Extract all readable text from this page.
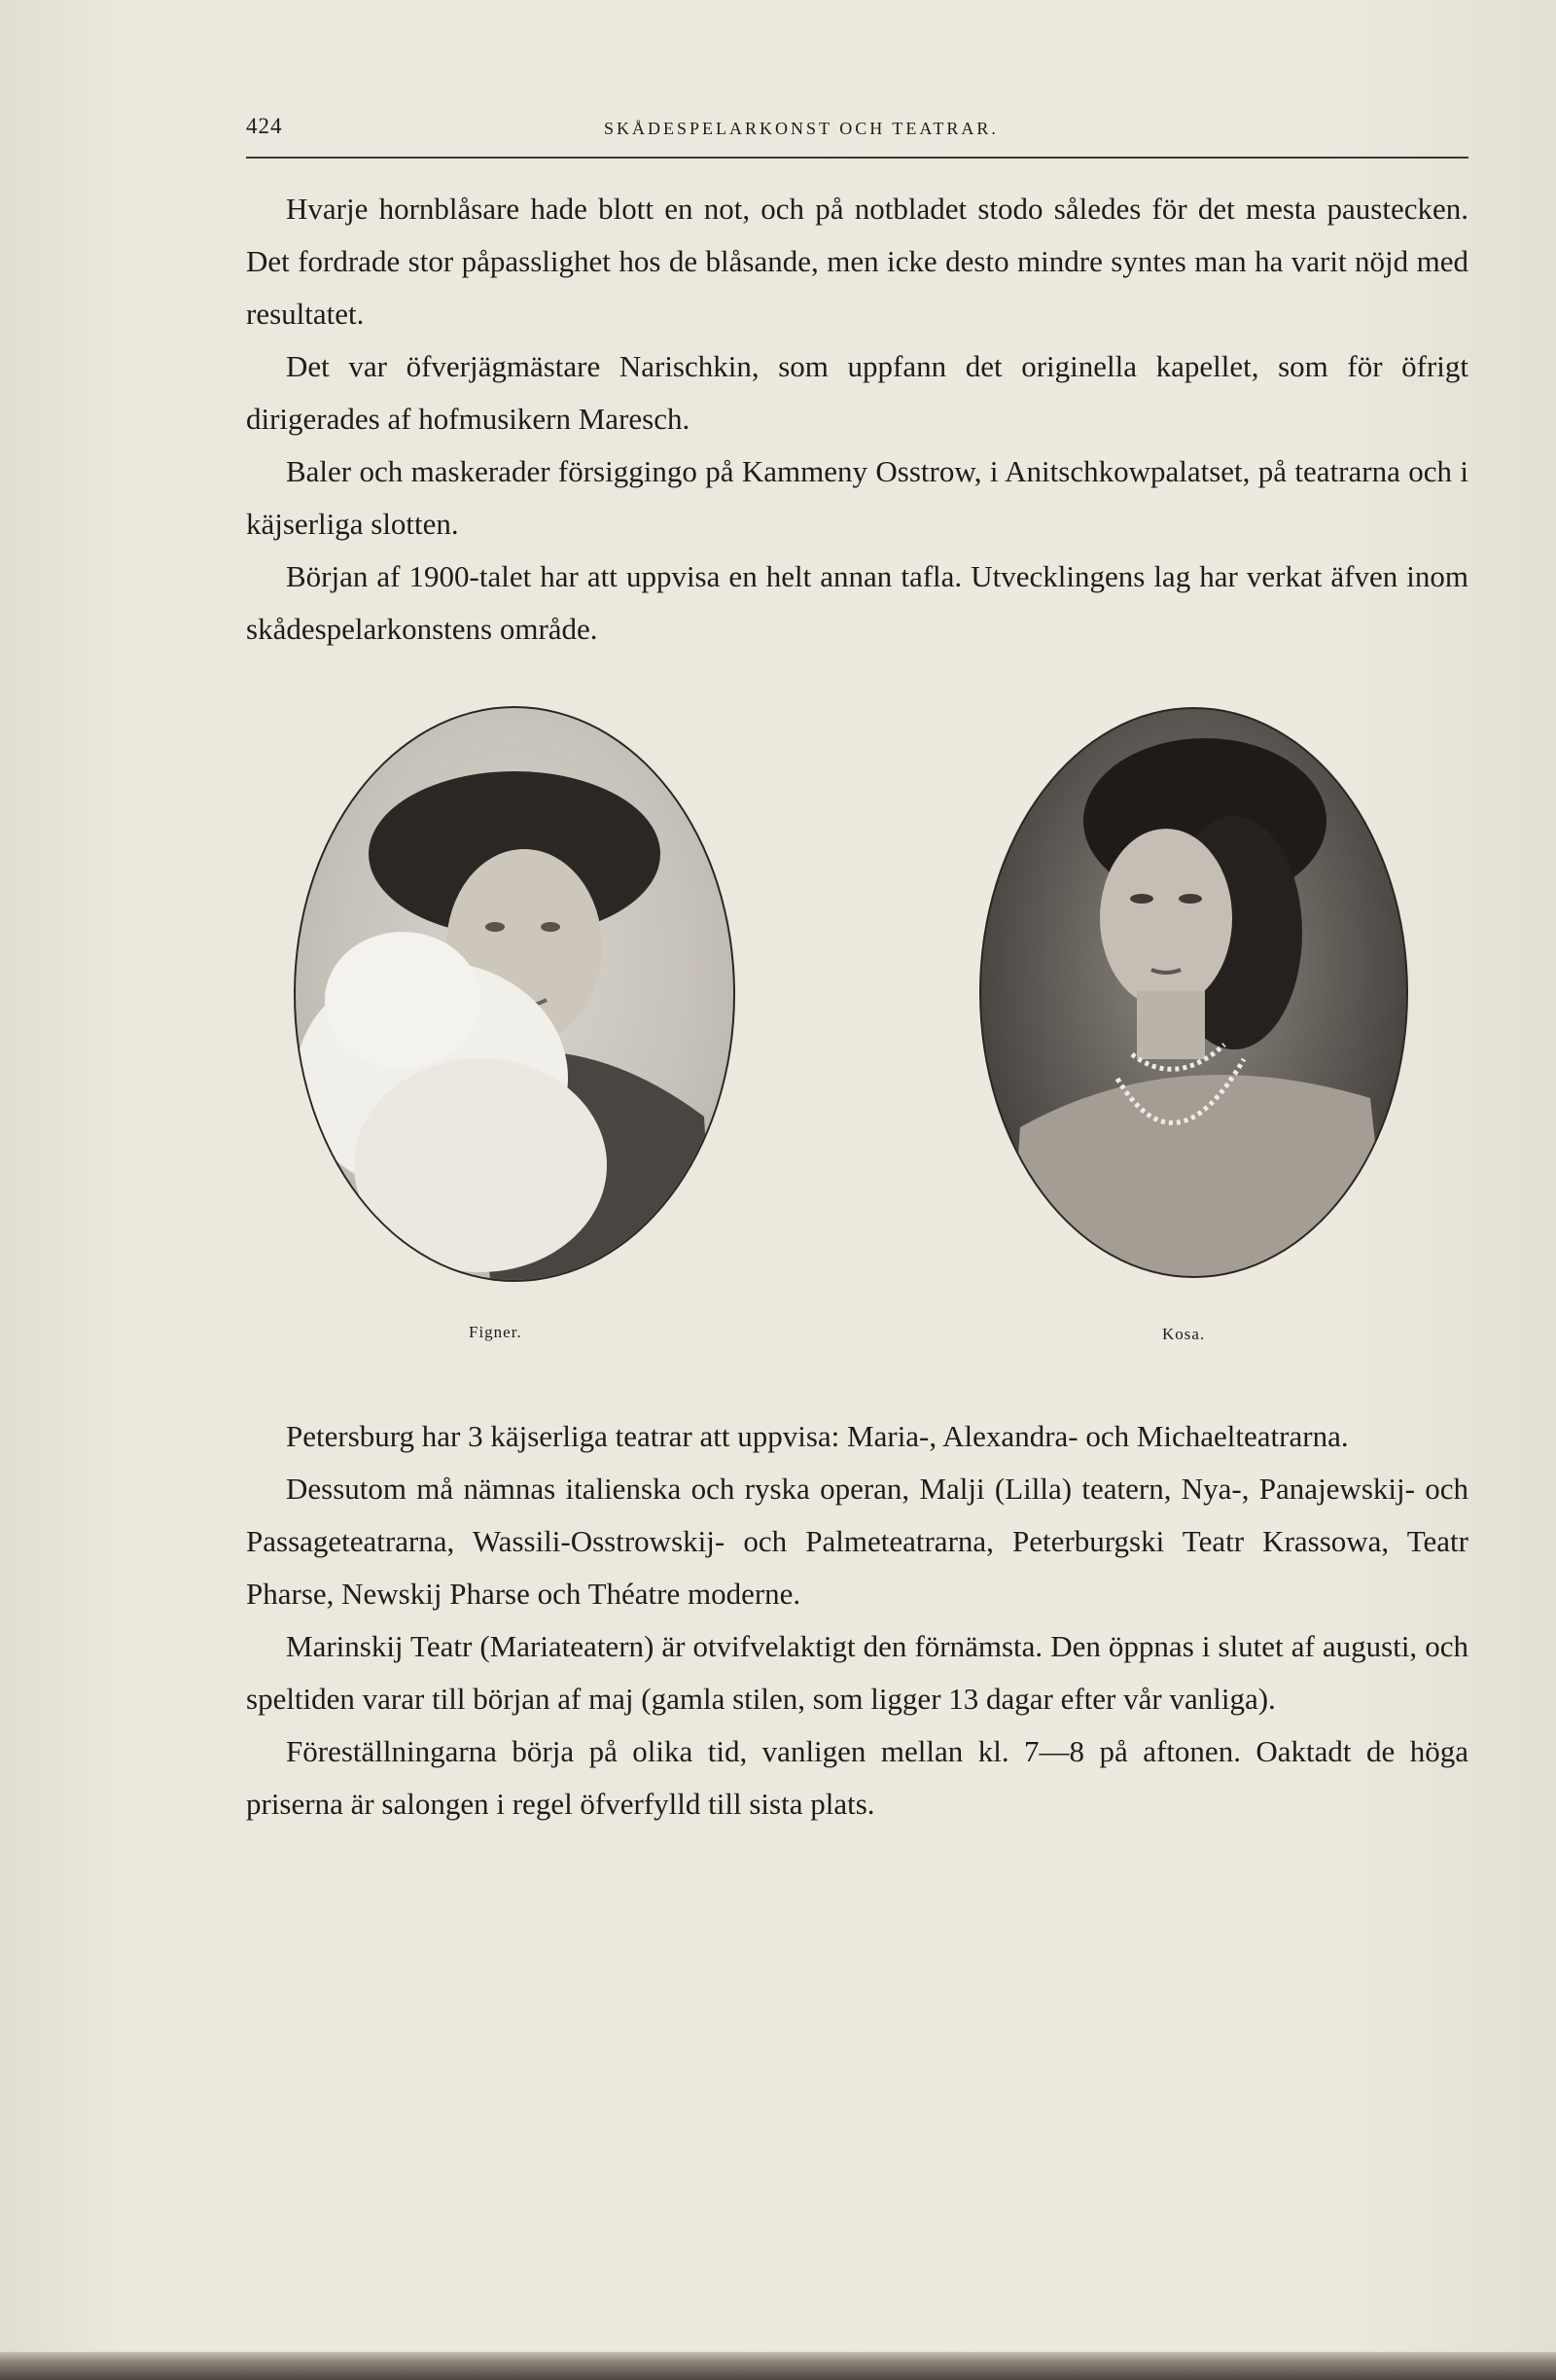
424	SKÅDESPELARKONST OCH TEATRAR.

Hvarje hornblåsare hade blott en not, och på notbladet stodo således för det mesta paustecken. Det fordrade stor påpasslighet hos de blåsande, men icke desto mindre syntes man ha varit nöjd med resultatet.

Det var öfverjägmästare Narischkin, som uppfann det originella kapellet, som för öfrigt dirigerades af hofmusikern Maresch.

Baler och maskerader försiggingo på Kammeny Osstrow, i Anitschkowpalatset, på teatrarna och i käjserliga slotten.

Början af 1900-talet har att uppvisa en helt annan tafla. Utvecklingens lag har verkat äfven inom skådespelarkonstens område.

Figner.	Kosa.

Petersburg har 3 käjserliga teatrar att uppvisa: Maria-, Alexandra- och Michaelteatrarna.

Dessutom må nämnas italienska och ryska operan, Malji (Lilla) teatern, Nya-, Panajewskij- och Passageteatrarna, Wassili-Osstrowskij- och Palmeteatrarna, Peterburgski Teatr Krassowa, Teatr Pharse, Newskij Pharse och Théatre moderne.

Marinskij Teatr (Mariateatern) är otvifvelaktigt den förnämsta. Den öppnas i slutet af augusti, och speltiden varar till början af maj (gamla stilen, som ligger 13 dagar efter vår vanliga).

Föreställningarna börja på olika tid, vanligen mellan kl. 7—8 på aftonen. Oaktadt de höga priserna är salongen i regel öfverfylld till sista plats.
